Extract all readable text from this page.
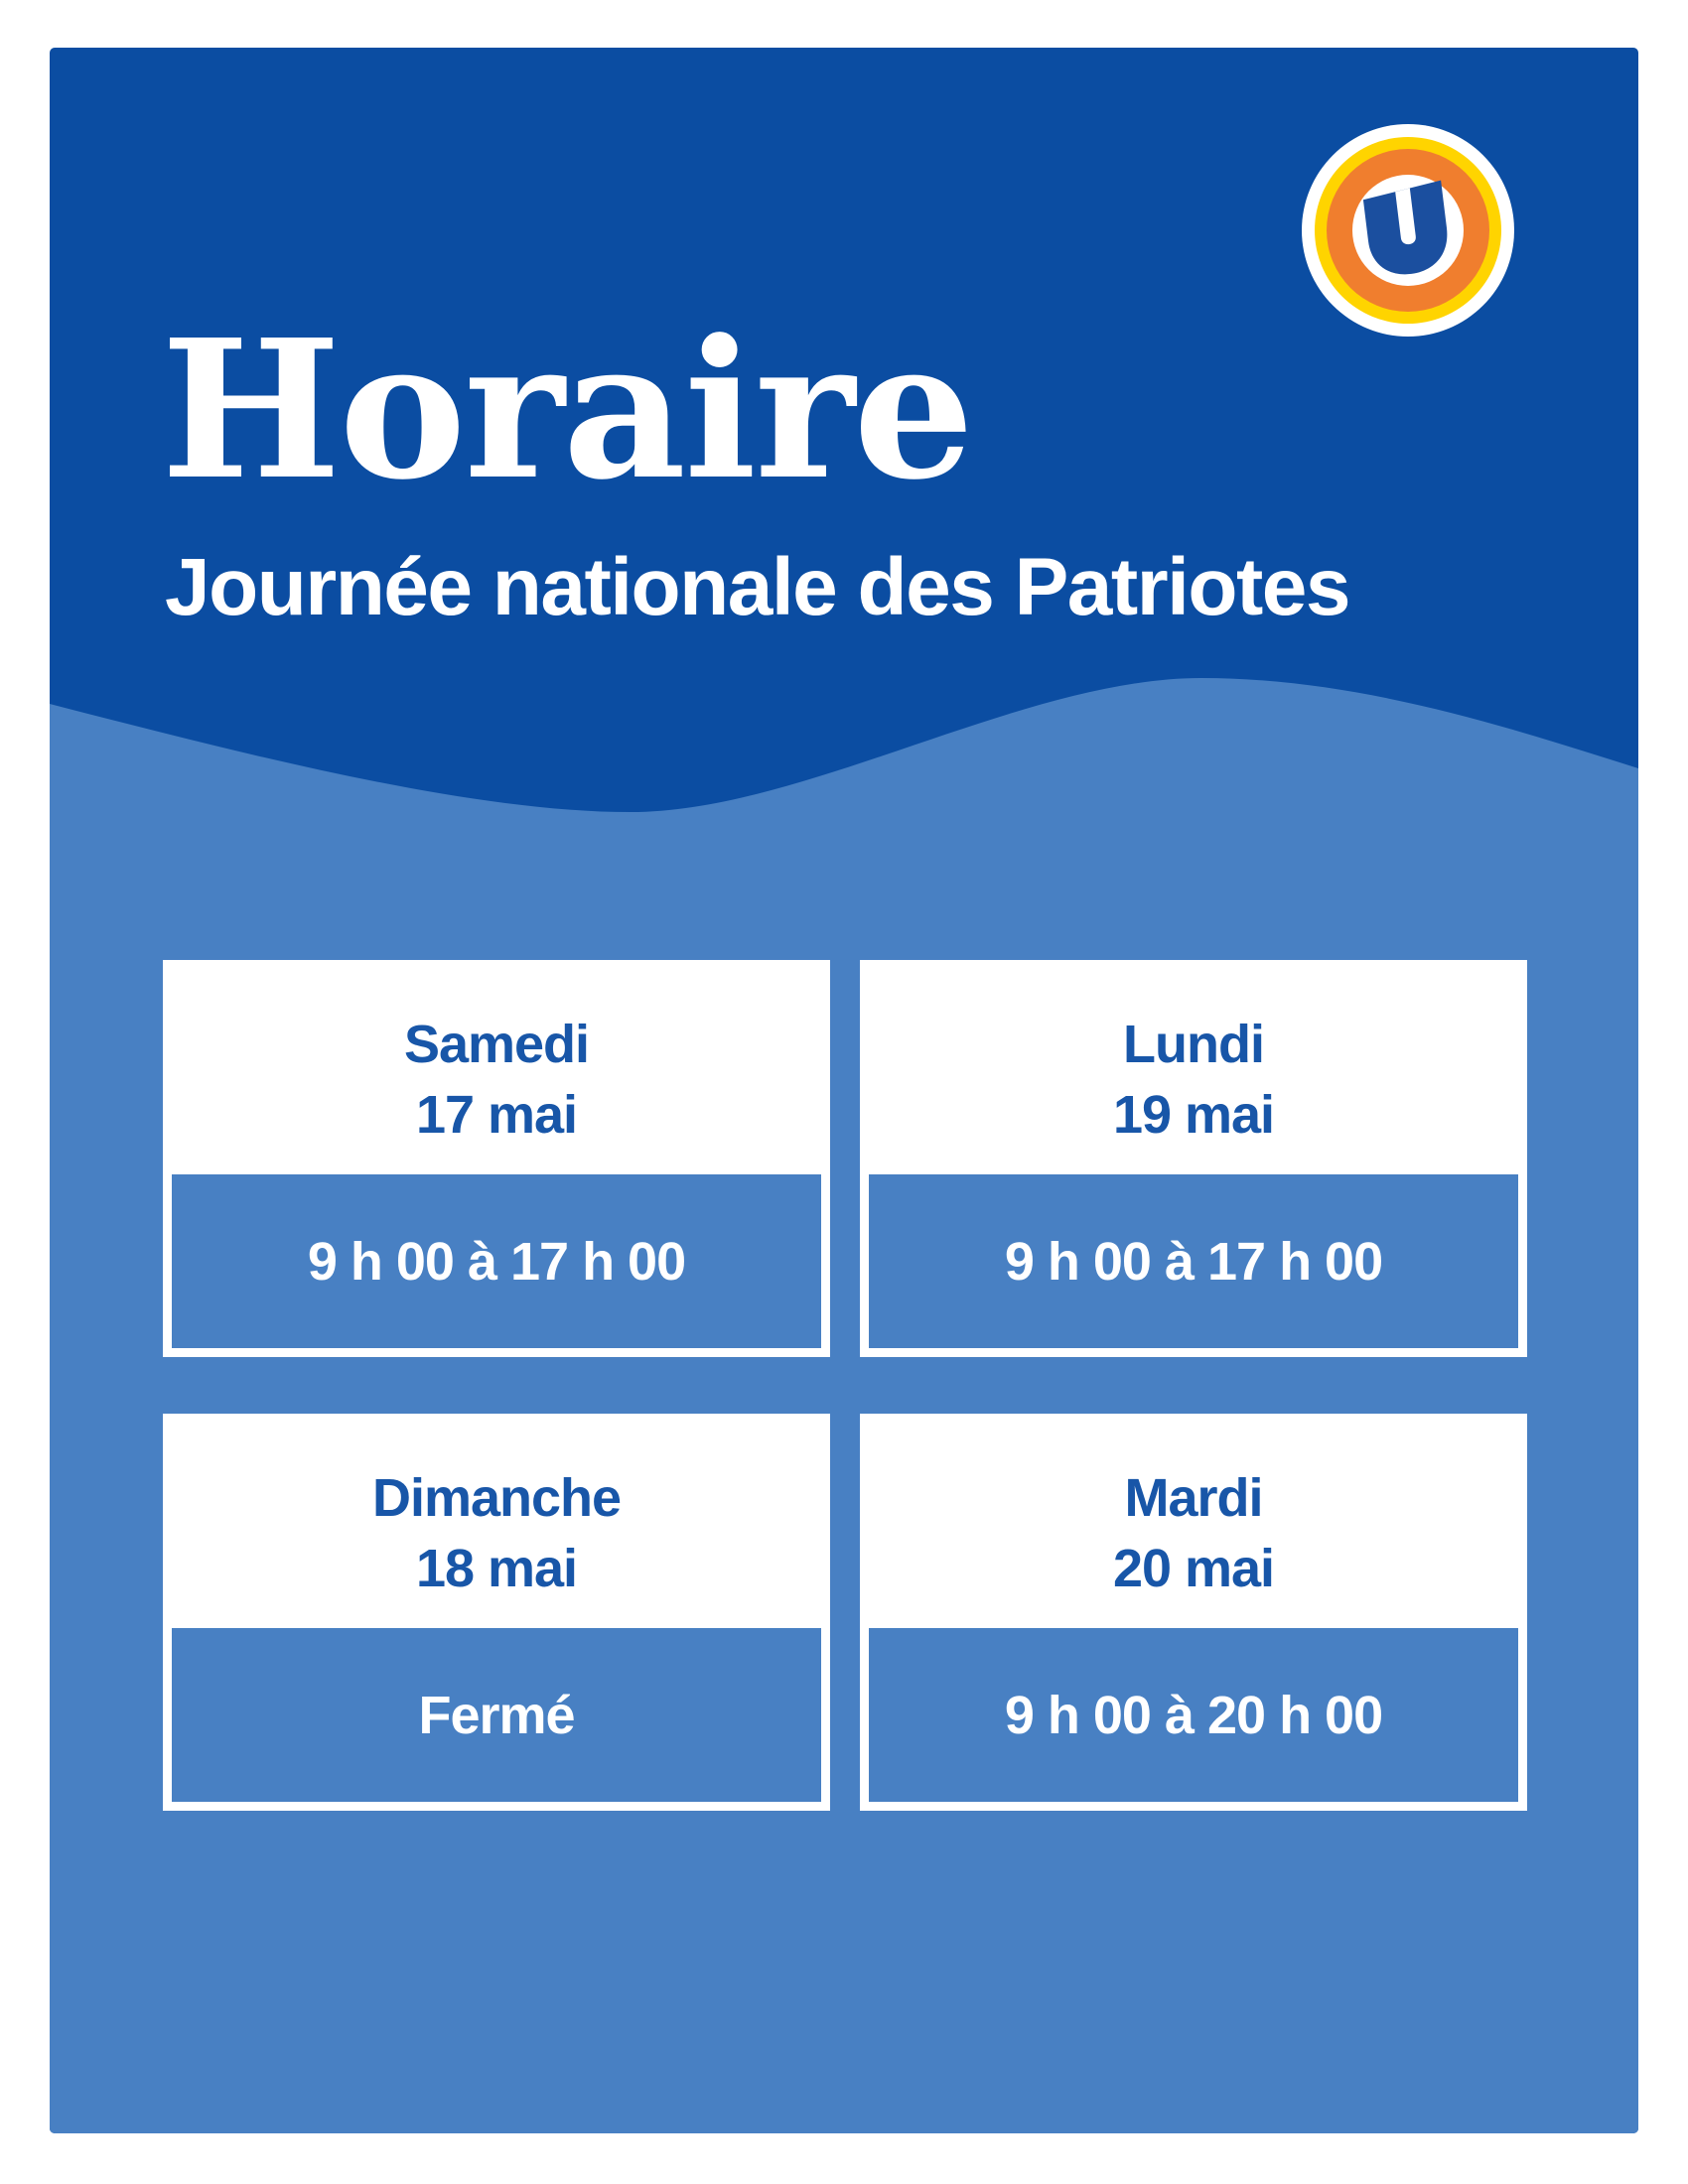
Horaire

Journée nationale des Patriotes

Samedi
17 mai
9 h 00 à 17 h 00
Lundi
19 mai
9 h 00 à 17 h 00
Dimanche
18 mai
Fermé
Mardi
20 mai
9 h 00 à 20 h 00
